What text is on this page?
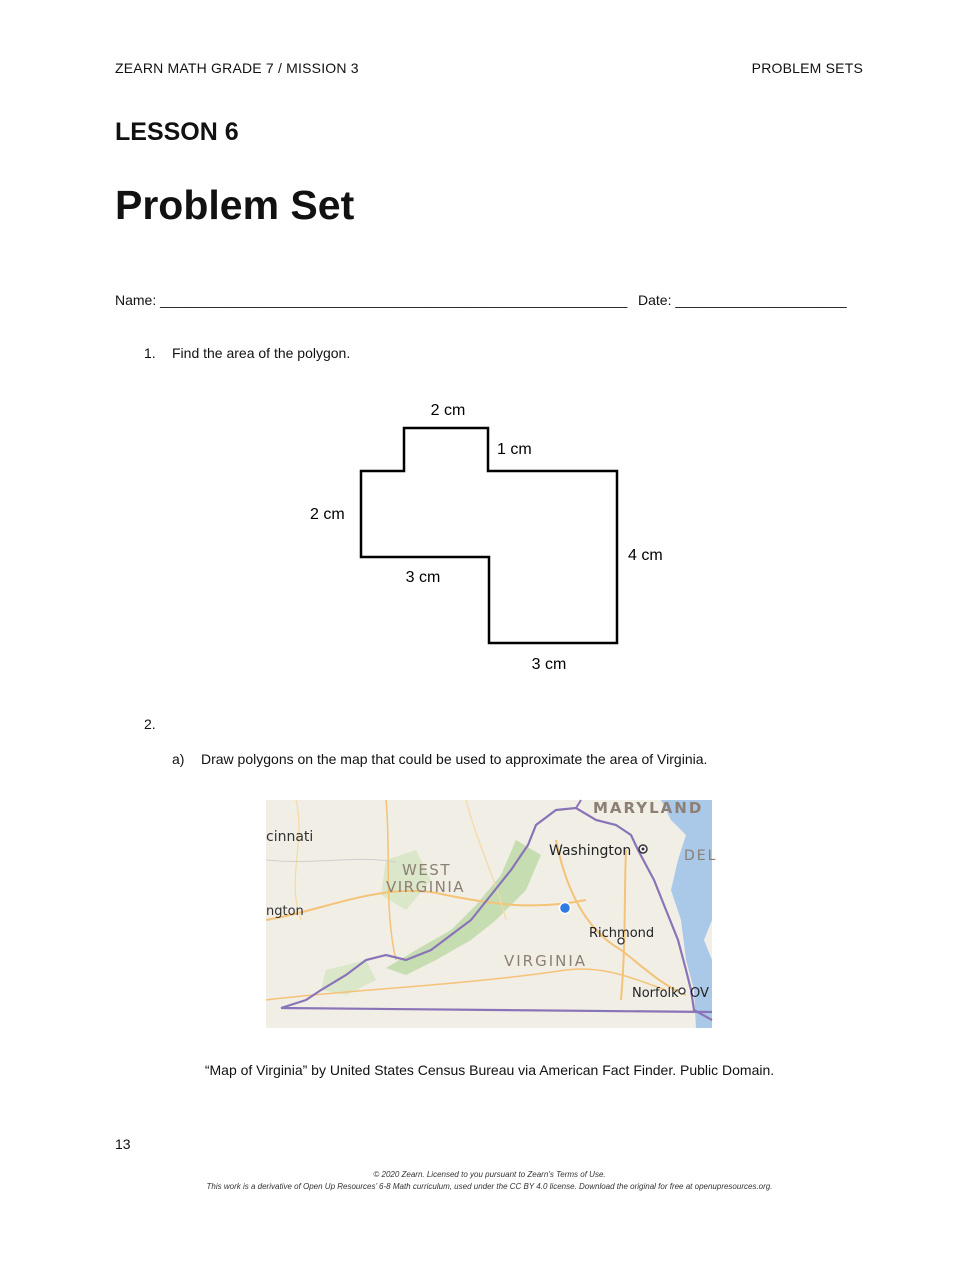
ZEARN MATH GRADE 7 / MISSION 3	PROBLEM SETS
LESSON 6
Problem Set
Name: ____________________________________________________________ Date: ______________________
1. Find the area of the polygon.
2 cm
1 cm
2 cm
4 cm
3 cm
3 cm
2.
a) Draw polygons on the map that could be used to approximate the area of Virginia.
MARYLAND
cinnati
Washington	DEL
WEST
VIRGINIA
ngton
Richmond
VIRGINIA
Norfolk OV
“Map of Virginia” by United States Census Bureau via American Fact Finder. Public Domain.
13
© 2020 Zearn. Licensed to you pursuant to Zearn’s Terms of Use.
This work is a derivative of Open Up Resources’ 6-8 Math curriculum, used under the CC BY 4.0 license. Download the original for free at openupresources.org.
